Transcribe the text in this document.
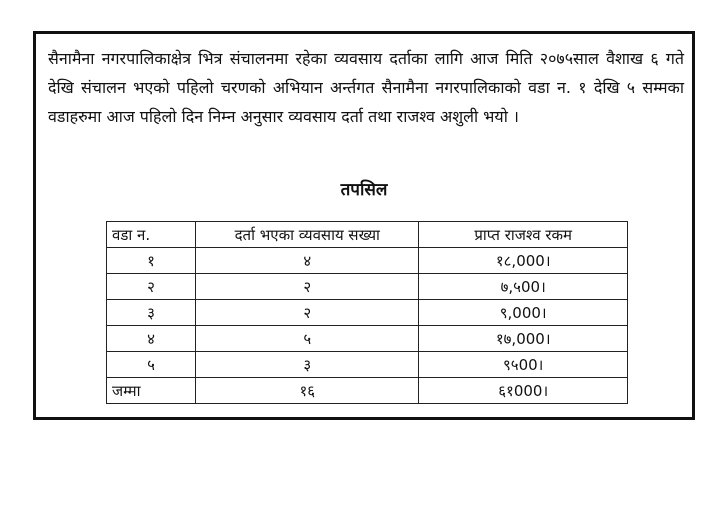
सैनामैना नगरपालिकाक्षेत्र भित्र संचालनमा रहेका व्यवसाय दर्ताका लागि आज मिति २०७५साल वैशाख ६ गते देखि संचालन भएको पहिलो चरणको अभियान अर्न्तगत सैनामैना नगरपालिकाको वडा न. १ देखि ५ सम्मका वडाहरुमा आज पहिलो दिन निम्न अनुसार व्यवसाय दर्ता तथा राजश्व अशुली भयो ।

तपसिल
वडा न.	दर्ता भएका व्यवसाय सख्या	प्राप्त राजश्व रकम
१	४	१८,000।
२	२	७,५00।
३	२	९,000।
४	५	१७,000।
५	३	९५00।
जम्मा	१६	६१000।
